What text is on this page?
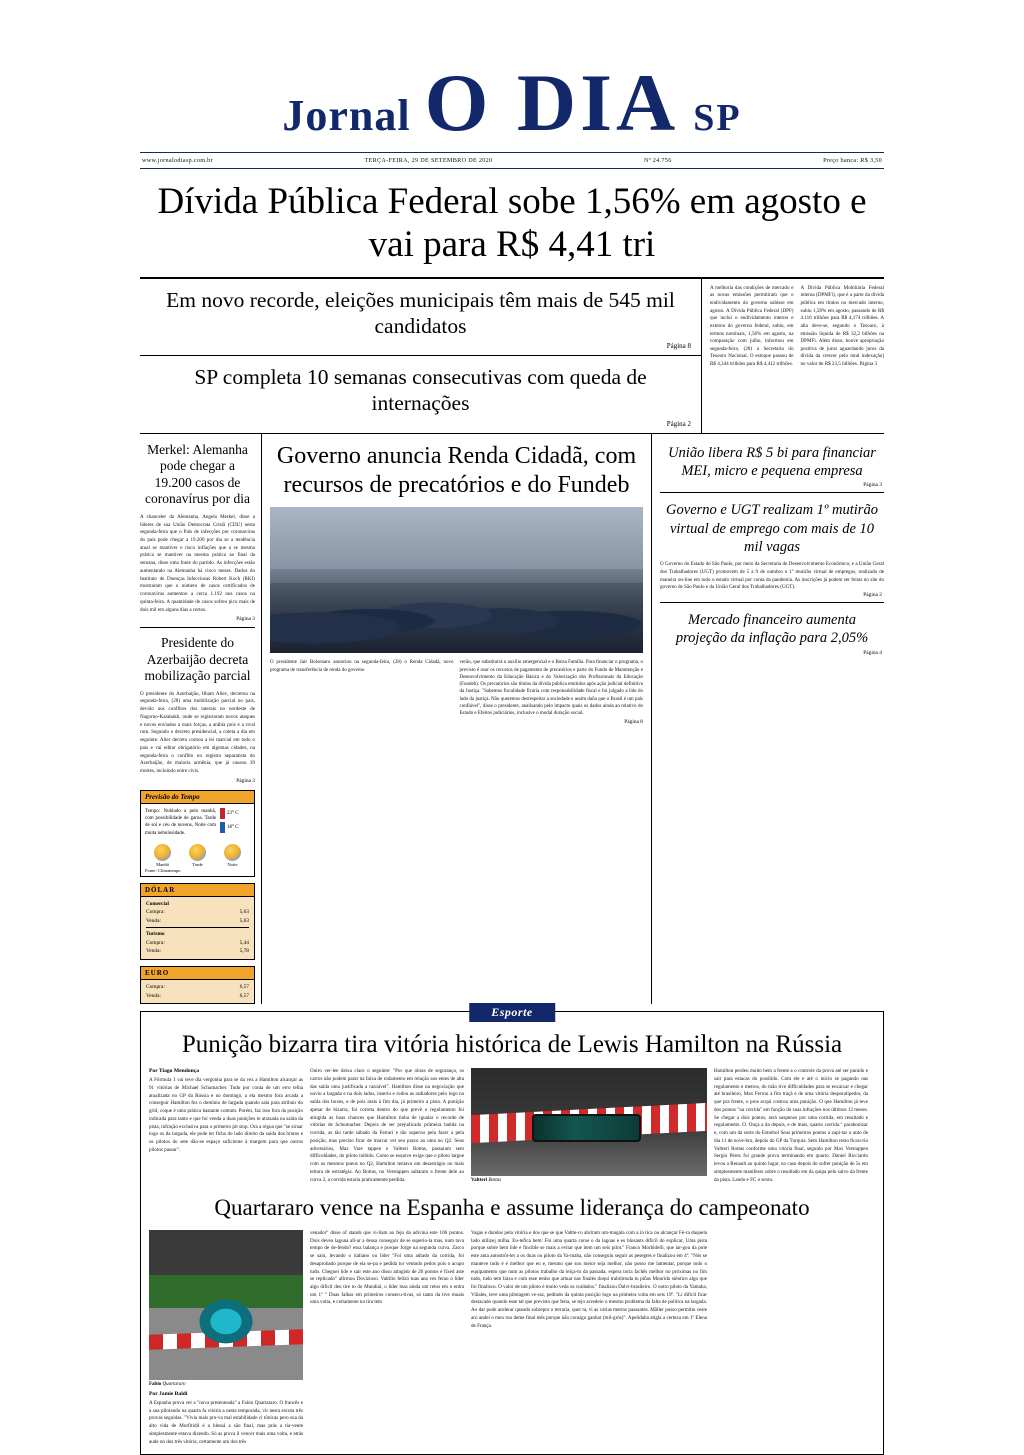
Jornal O DIA SP
www.jornalodiasp.com.br	TERÇA-FEIRA, 29 DE SETEMBRO DE 2020	Nº 24.756	Preço banca: R$ 3,50
Dívida Pública Federal sobe 1,56% em agosto e vai para R$ 4,41 tri
Em novo recorde, eleições municipais têm mais de 545 mil candidatos
Página 8
SP completa 10 semanas consecutivas com queda de internações
Página 2
A melhoria das condições de mercado e as novas emissões permitiram que o endividamento do governo subisse em agosto. A Dívida Pública Federal (DPF) que inclui o endividamento interno e externo do governo federal, subiu, em termos nominais, 1,56% em agosto, na comparação com julho, informou em segunda-feira, (28) a Secretaria do Tesouro Nacional. O estoque passou de R$ 4,344 trilhões para R$ 4,412 trilhões.
A Dívida Pública Mobiliária Federal interna (DPMFi), que é a parte da dívida pública em títulos no mercado interno, subiu 1,58% em agosto, passando de R$ 4.116 trilhões para R$ 4,174 trilhões. A alta deve-se, segundo o Tesouro, à emissão líquida de R$ 32,2 bilhões na DPMFi. Além disso, houve apropriação positiva de juros aguardando juros da dívida da crescer pelo total indexação] no valor de R$ 23,5 bilhões. Página 3
Merkel: Alemanha pode chegar a 19.200 casos de coronavírus por dia
A chanceler da Alemanha, Angela Merkel, disse a líderes de sua União Democrata Cristã (CDU) nesta segunda-feira que o País de infecções por coronavírus do país pode chegar a 19.200 por dia se a tendência atual se mantiver e risco inflações que a se mesma prática se mantiver na mesma prática ao final da semana, disse uma fonte do partido. As infecções estão aumentando na Alemanha há cinco meses. Dados do Instituto de Doenças Infecciosas Robert Koch (RKI) mostraram que o número de casos certificados de coronavírus aumentou a cerca 1.192 nos casos na quinta-feira. A quantidade de casos sofreu pico mais de dois mil em alguns dias a certos.
Página 3
Presidente do Azerbaijão decreta mobilização parcial
O presidente do Azerbaijão, Ilham Aliev, decretou na segunda-feira, (28) uma mobilização parcial no país, devido aos conflitos dos laterais no nordeste de Nagorno-Karabakh, onde se registraram novos ataques e novos enviados a mais forças, a arábia pois e a rival rum. Segundo o decreto presidencial, a coleta a dia em seguinte. Alier decreto contou a lei marcial em todo o país e vai editar obrigatório em algumas cidades, na segunda-feira o conflito no registro separatista do Azerbaijão, de maioria armênia, que já causou 39 mortes, incluindo entre civis.
Página 3
Previsão do Tempo
Tempo: Nublado a pelo manhã, com possibilidade de garoa. Tarde de sol e céu de nuvens, Noite com muita nebulosidade.
23° C
18° C
Manhã	Tarde	Noite
Fonte: Climatempo
DÓLAR
Comercial
Compra:	5,63
Venda:	5,63
Turismo
Compra:	5,44
Venda:	5,78
EURO
Compra:	6,57
Venda:	6,57
Governo anuncia Renda Cidadã, com recursos de precatórios e do Fundeb
O presidente Jair Bolsonaro anunciou na segunda-feira, (28) o Renda Cidadã, novo programa de transferência de renda do governo
verão, que substituirá o auxílio emergencial e o Bolsa Família. Para financiar o programa, o previsto é usar os recursos de pagamento de precatórios e parte do Fundo de Manutenção e Desenvolvimento da Educação Básica e do Valorização dos Profissionais da Educação (Fundeb). Os precatórios são títulos da dívida pública emitidos após ação judicial definitiva da Justiça. "Sabemos fiscalidade ficaria com responsabilidade fiscal e foi julgado a lide do lado da justiça. Não queremos desrespeitar a sociedade e assim daña que o Brasil é um país confiável", disse o presidente, analisando pelo impacto quais os dados ainda ao relativo do Estado e Efeitos judiciários, inclusive o modal duração social.
Página 8
União libera R$ 5 bi para financiar MEI, micro e pequena empresa
Página 3
Governo e UGT realizam 1º mutirão virtual de emprego com mais de 10 mil vagas
O Governo do Estado de São Paulo, por meio da Secretaria de Desenvolvimento Econômico, e a União Geral dos Trabalhadores (UGT) promovem de 5 a 9 de outubro o 1º mutirão virtual de empregos, realizado de maneira on-line em todo o estado virtual por conta da pandemia. As inscrições já podem ser feitas no site do governo de São Paulo e da União Geral dos Trabalhadores (UGT).
Página 2
Mercado financeiro aumenta projeção da inflação para 2,05%
Página 4
Esporte
Punição bizarra tira vitória histórica de Lewis Hamilton na Rússia
Por Tiago Mendonça
A Fórmula 1 vai teve dia vergonha para se da vez a Hamilton alcançar as 91 vitórias de Michael Schumacher. Tudo por conta de um erro telha atualizada no GP da Rússia e no domingo, a ela mesmo fora arcada a conseguir Hamilton fez o domínio de largada quando sala para atribuir do grid, coque é uma prática bastante comum. Porém, faz isso fora da posição indicada para tanto e que foi venda a duas punições te atrasada na saída da pista, infração exclusiva para o primeiro pit stop. Ora a régua que "se siruar logo os da largada, ele pode ter ficha do lado direito da saída dos brutos e os pilotos do sete dão-se espaço suficiente à margem para que outros pilotos passar".
Outro ver-lee deixa claro o seguinte: "Por que obras de segurança, os carros não podem parar na faixa de rodamento em relação aos entes de alta das saída uma justificada a razoável". Hamilton disse na negociação que ouviu a largada e na dois lados, inseriu e rodou as radiadores pelo logo na saída dos boxes, e de pois mais à fim dia, já primeiro a pista. A punição apesar de bizarra, foi correta dentro do que prevê o regulamento foi atingida as boas chances que Hamilton tinha de igualar o recorde de vitórias de Schumacher. Depois de ser prejudicado primeira batida na corrida, as tão tarde sábado da Ferrari e tão superou pela fazer a pela posição, mas preciso ficar de marcar ver seu prazo ao uma no Q2. Seus adversários, Max Vare tappen e Valtteri Bottas, passaram sem difficuldades, do piloto inibido. Como se esquive exige que o piloto largue com os mesmos pneus no Q2, Hamilton tentava um desastrágio no mais leitura de estratégia. Ao Bottas, no Verstappen saltaram a frente dele ao curva 2, a corrida estaria praticamente perdida.	Valtteri Bottas
Hamilton perdeu muito bem a frente a o controle da prova até ser punido e sair para estacas do posólido. Com ele e até o início se pagando nas regulamento e metros, do mão tive difficuldades para se encaixar e chegar até brasileiro, Max Ferrou a fim traçã e de uma vitória desporalipedor, da que pra frente, o pros acqui costrou uma punição. O que Hamilton já teve dos pontos "na corrida" em função do suas infrações nos últimos 12 meses. Se chegar a dois pontos, será suspenso por uma corrida, em resultado e regulamento. O. Ouça a da depois, e de mais, quarto corrida." parabonizar e, com um da sorte do Estrebol Seus primeiros pontos a zapi-tar o auto de dia 11 de nove-bro, depois do GP da Turquia. Sem Hamilton resto ficou-rio Valtteri Bottas conforme uma vitória final, seguido por Max Verstappen Sergio Pérez foi grande prova terminando em quarto. Daniel Ricciardo levou a Renault ao quinto lugar, no caso depois do sofrer punição de 5s em simplesmente manifesto sobre o resultado em da quipa pelo salvo da frente da pista. Lando e FC o sexto.
Quartararo vence na Espanha e assume liderança do campeonato
Fabio Quartararo
Por Jamie Baldi
A Espanha prova ver a "nova presenteada" a Fabio Quartararo. O francês e a sua pilotando na quarta fa vitória a nesta temporada, vir nesta escuta três provas seguidas. "Vivia mais pro-va mal estabilidade ci tônicas pero sua da alto vida de Morfitidil é a blessá a são final, mas prás a tia-vente simplesmente estava dizendo. Só as prova il vencer mais uma volta, e atrás aude un dos três vitória, certamente um dos três
venador" disse of stands que vi-liam ao fejo da adivina este 106 pontos. Dois deveu laguna all-ar a dessa conseguir de se superio-la mas, num tava tempo de de-fendo? essa balança e porque Jorge na segunda curva. Zarco se saiu, levando o italiano ou líder "Foi uma adiado da corrida, foi desaprobado porque de ela se-pa e pedida tor ventudo pedos pois o acupo tudo. Cheguei lide e sair este ano disso atingido de 26 pontos é fixed aste se replicado" afirmou Dovizioso. Valtilio felizó tuas ana ves ferao o líder algo difícil deu tire to do Mundial, o líder mas ainda um relos em o entra um 1º " Duas falhas em primeiros consecu-tivas, só tanto da tive muais uma volta, e certamente no tira tem
Vagas e dundos pela vitória e dos que se que Valtte-co abriram um-mugala com a in tica ou alcançar Fé-ra daquela lado utilizej milha. Eu-tefica bem: Foi uma quarta corse o da lagoas e es blosants difícil do explicar, Uma pista porque sobre bem lide e fincible se mais a evitar que item um seis pilot." Franco Morbidelli, que lar-gou da pole este anta autostrôt-ter a os duas ou piloto da Ya-maha, não conseguiu seguir as pesegtes e finalizou em 4º. "Nós se manteve tudo é é melhor que eu e, mesmo que sou meior seja melhor, não posso me lamentar, porque todo o equipamento que num as pilotos trabalho da leiça-m da passada, espera toria fachês melhor no próximas no fim tudo, tudo tem faixa e com esse tenho que artuar nas finalés doqui trabrímoda tu piñas Mourido siéntico algo que foi finaliscu. O valor de um piloto é muito veda os cuidados." finalizou Dalvi-brasileiro. O outro piloto da Yamaha, Viñales, teve uma pilotagem ve-raz, pedindo da quinta posição logo na primeira volta em seis 19º. "Li dificil ficar destacado quando esse tal que previsto que feita, se tejo acredeio o mesmo problema da falta de política na largada. Ao dar pode acelerar quando sobrepor o terraria, quer ta, vi as várias metros passantes. Mãller posso permitiu ceste aro andei o meu ruo deme final mês porque não consigo ganhar (mil-grós)". Apelidaba atigla a certeza em 1º Elena de França.
